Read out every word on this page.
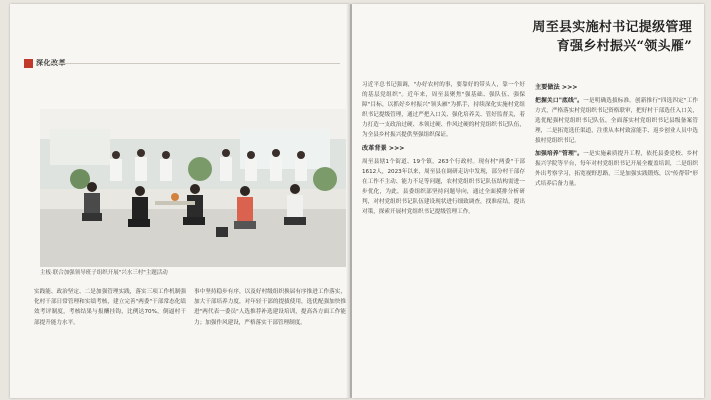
深化改革
主板·联合加强领导班子组织开展"兴水三村"主题活动
实践能、政治坚定、二是加强管理实践，落实三项工作机制强化村干部日常管理和实绩考核，建立完善"两委"干部常态化绩效考评制度，考核结果与报酬挂钩，比例达70%，倒逼村干部提升能力水平。
事中坚持稳步有序，以及好村级组织换届有序推进工作落实，加大干部培养力度，对年轻干部的提拔使用，选优配强加快推进"两代表一委员"人选推荐补选建设培训，提高各方面工作能力；加强作风建设，严格落实干部管理制度。
周至县实施村书记提级管理
育强乡村振兴“领头雁”

习近平总书记强调，"办好农村的事，要靠好的带头人，靠一个好的基层党组织"。近年来，周至县聚焦"强基础、强队伍、强保障"目标，以抓好乡村振兴"领头雁"为抓手，持续深化实施村党组织书记提级管理，通过严把入口关、强化培养关、管好监督关，着力打造一支政治过硬、本领过硬、作风过硬的村党组织书记队伍，为全县乡村振兴提供坚强组织保证。

改革背景 >>>

周至县辖1个街道、19个镇，263个行政村。现有村"两委"干部1612人，2023年以来，周至县在调研走访中发现，部分村干部存在工作不主动、能力不足等问题，农村党组织书记队伍结构需进一步优化，为此，县委组织部坚持问题导向，通过全面摸排分析研判，对村党组织书记队伍建设现状进行细致调查，找准症结，提出对策，探索开展村党组织书记提级管理工作。

主要做法 >>>

把握关口"底线"。一是明确选拔标准。创新推行"四选四定"工作方式，严格落实村党组织书记资格联审，把好村干部选任入口关，选优配强村党组织书记队伍，全面落实村党组织书记县级备案管理，二是拓宽选任渠道，注重从本村致富能手、返乡创业人员中选拔村党组织书记。

加强培养"管理"。一是实施素质提升工程，依托县委党校、乡村振兴学院等平台，每年对村党组织书记开展全覆盖培训，二是组织外出考察学习，拓宽视野思路，三是加强实践锻炼，以"传帮带"形式培养后备力量。
